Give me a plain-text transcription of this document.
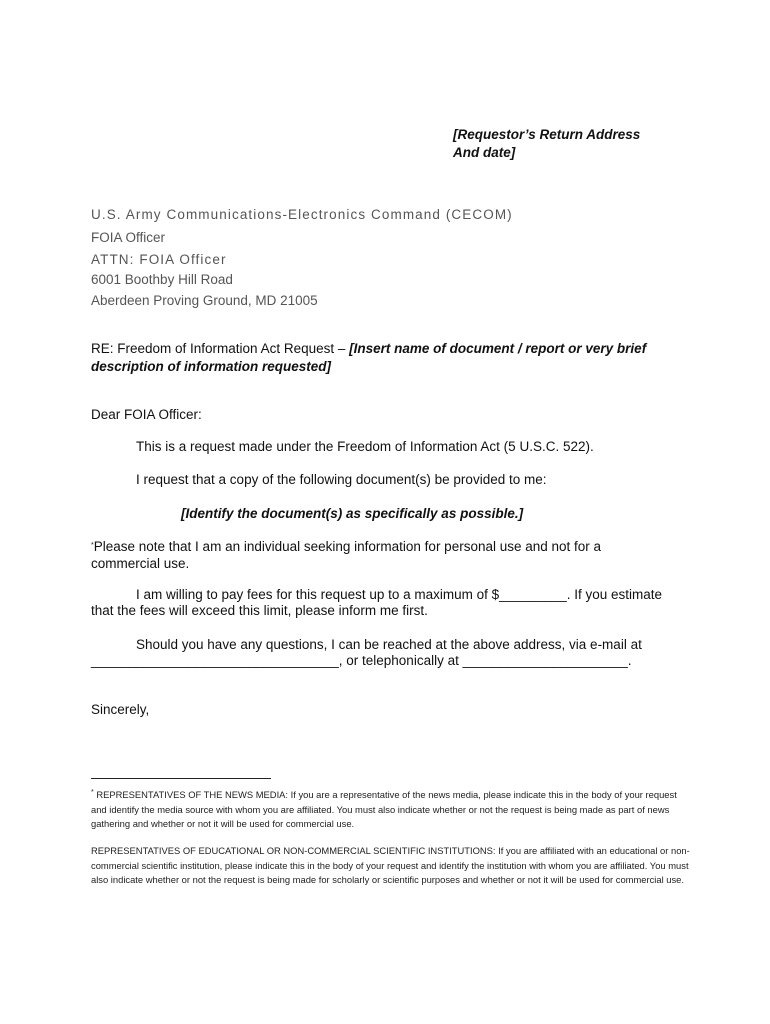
[Requestor’s Return Address
And date]
U.S. Army Communications-Electronics Command (CECOM)
FOIA Officer
ATTN: FOIA Officer
6001 Boothby Hill Road
Aberdeen Proving Ground, MD 21005
RE: Freedom of Information Act Request – [Insert name of document / report or very brief description of information requested]
Dear FOIA Officer:
This is a request made under the Freedom of Information Act (5 U.S.C. 522).
I request that a copy of the following document(s) be provided to me:
[Identify the document(s) as specifically as possible.]
*Please note that I am an individual seeking information for personal use and not for a commercial use.
I am willing to pay fees for this request up to a maximum of $_________. If you estimate
that the fees will exceed this limit, please inform me first.
Should you have any questions, I can be reached at the above address, via e-mail at
_________________________________, or telephonically at ______________________.
Sincerely,
* REPRESENTATIVES OF THE NEWS MEDIA: If you are a representative of the news media, please indicate this in the body of your request and identify the media source with whom you are affiliated. You must also indicate whether or not the request is being made as part of news gathering and whether or not it will be used for commercial use.
REPRESENTATIVES OF EDUCATIONAL OR NON-COMMERCIAL SCIENTIFIC INSTITUTIONS: If you are affiliated with an educational or non-commercial scientific institution, please indicate this in the body of your request and identify the institution with whom you are affiliated. You must also indicate whether or not the request is being made for scholarly or scientific purposes and whether or not it will be used for commercial use.
